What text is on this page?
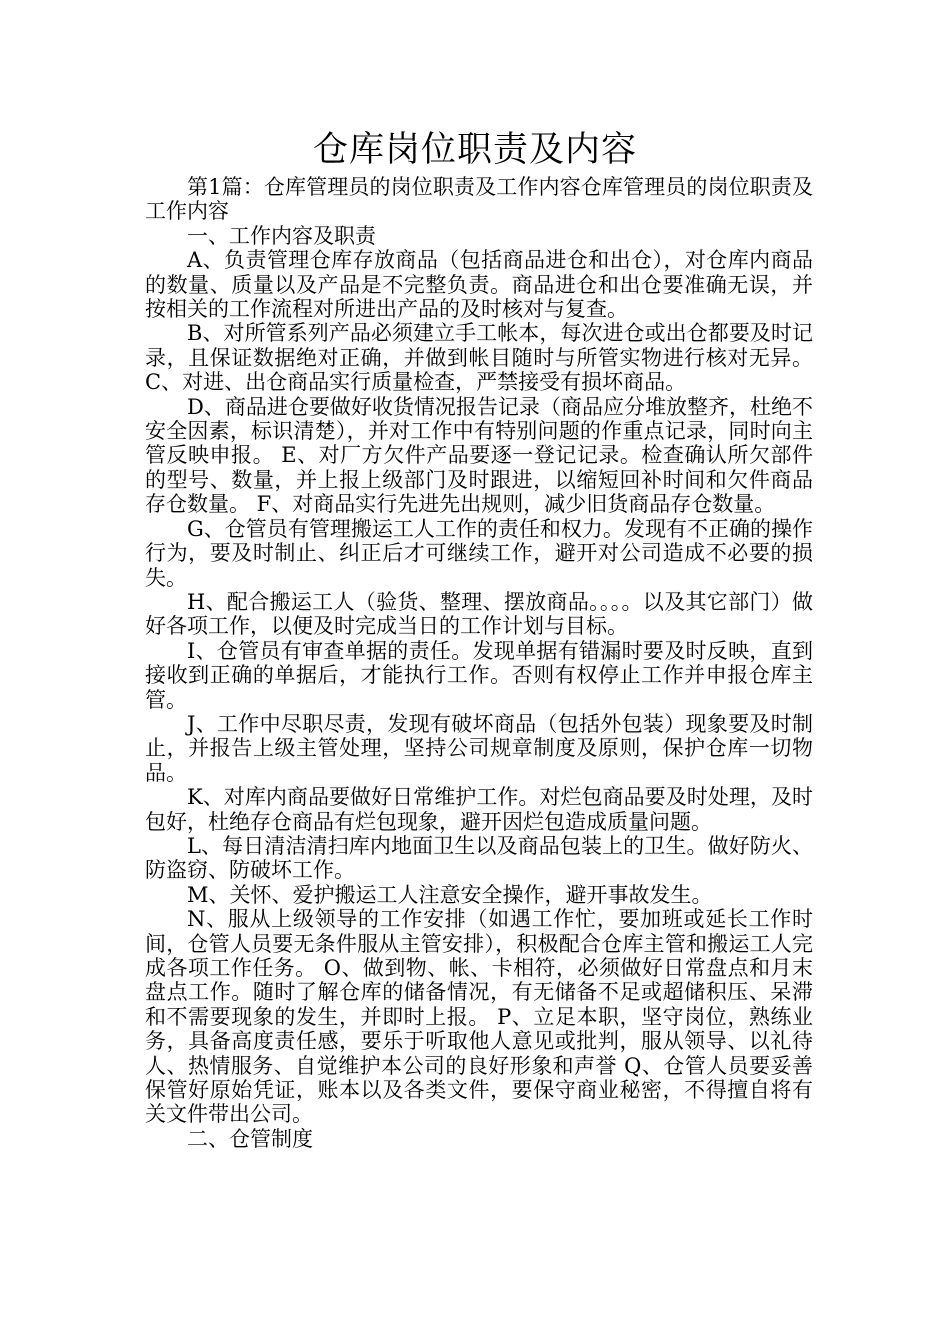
仓库岗位职责及内容

第1篇：仓库管理员的岗位职责及工作内容仓库管理员的岗位职责及工作内容

一、工作内容及职责

A、负责管理仓库存放商品（包括商品进仓和出仓），对仓库内商品的数量、质量以及产品是不完整负责。商品进仓和出仓要准确无误，并按相关的工作流程对所进出产品的及时核对与复查。

B、对所管系列产品必须建立手工帐本，每次进仓或出仓都要及时记录，且保证数据绝对正确，并做到帐目随时与所管实物进行核对无异。 C、对进、出仓商品实行质量检查，严禁接受有损坏商品。

D、商品进仓要做好收货情况报告记录（商品应分堆放整齐，杜绝不安全因素，标识清楚），并对工作中有特别问题的作重点记录，同时向主管反映申报。 E、对厂方欠件产品要逐一登记记录。检查确认所欠部件的型号、数量，并上报上级部门及时跟进，以缩短回补时间和欠件商品存仓数量。 F、对商品实行先进先出规则，减少旧货商品存仓数量。

G、仓管员有管理搬运工人工作的责任和权力。发现有不正确的操作行为，要及时制止、纠正后才可继续工作，避开对公司造成不必要的损失。

H、配合搬运工人（验货、整理、摆放商品。。。。以及其它部门）做好各项工作，以便及时完成当日的工作计划与目标。

I、仓管员有审查单据的责任。发现单据有错漏时要及时反映，直到接收到正确的单据后，才能执行工作。否则有权停止工作并申报仓库主管。

J、工作中尽职尽责，发现有破坏商品（包括外包装）现象要及时制止，并报告上级主管处理，坚持公司规章制度及原则，保护仓库一切物品。

K、对库内商品要做好日常维护工作。对烂包商品要及时处理，及时包好，杜绝存仓商品有烂包现象，避开因烂包造成质量问题。

L、每日清洁清扫库内地面卫生以及商品包装上的卫生。做好防火、防盗窃、防破坏工作。

M、关怀、爱护搬运工人注意安全操作，避开事故发生。

N、服从上级领导的工作安排（如遇工作忙，要加班或延长工作时间，仓管人员要无条件服从主管安排），积极配合仓库主管和搬运工人完成各项工作任务。 O、做到物、帐、卡相符，必须做好日常盘点和月末盘点工作。随时了解仓库的储备情况，有无储备不足或超储积压、呆滞和不需要现象的发生，并即时上报。 P、立足本职，坚守岗位，熟练业务，具备高度责任感，要乐于听取他人意见或批判，服从领导、以礼待人、热情服务、自觉维护本公司的良好形象和声誉 Q、仓管人员要妥善保管好原始凭证，账本以及各类文件，要保守商业秘密，不得擅自将有关文件带出公司。

二、仓管制度
